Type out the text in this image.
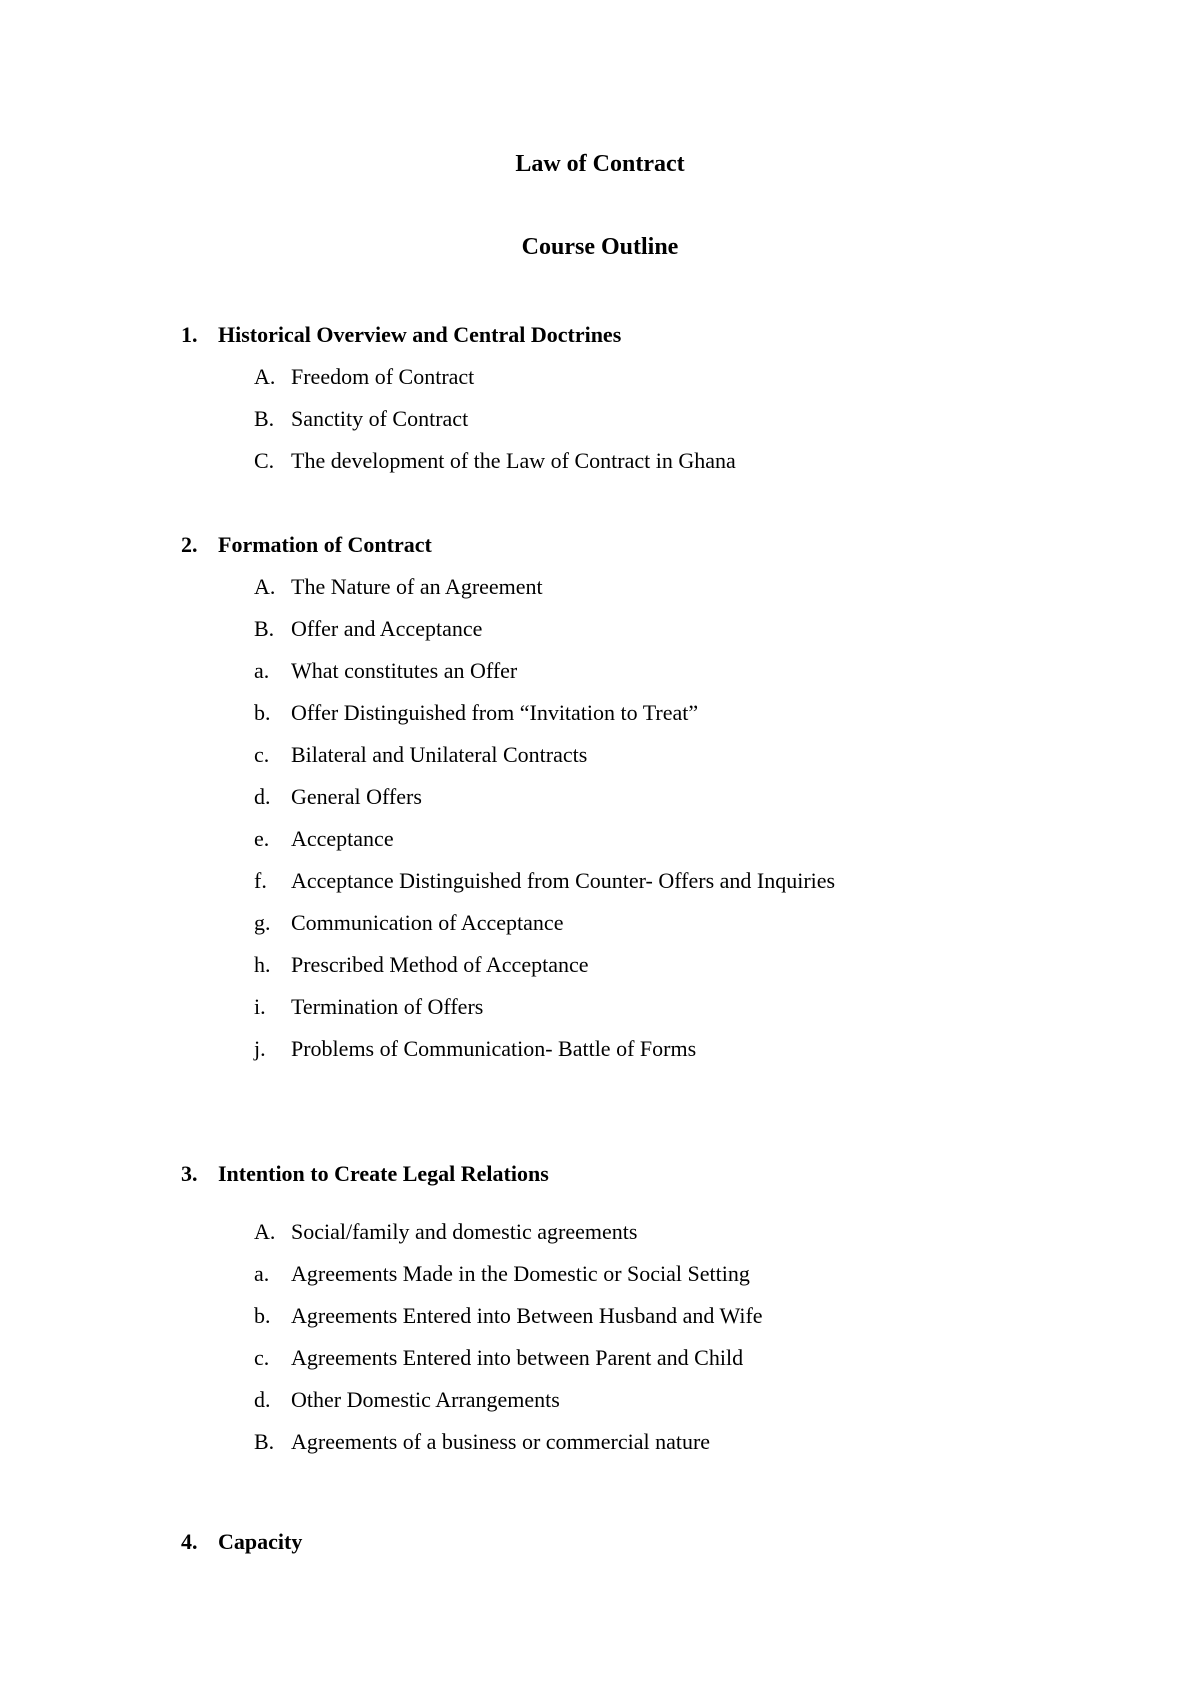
Law of Contract
Course Outline
1. Historical Overview and Central Doctrines
A. Freedom of Contract
B. Sanctity of Contract
C. The development of the Law of Contract in Ghana
2. Formation of Contract
A. The Nature of an Agreement
B. Offer and Acceptance
a. What constitutes an Offer
b. Offer Distinguished from “Invitation to Treat”
c. Bilateral and Unilateral Contracts
d. General Offers
e. Acceptance
f. Acceptance Distinguished from Counter- Offers and Inquiries
g. Communication of Acceptance
h. Prescribed Method of Acceptance
i. Termination of Offers
j. Problems of Communication- Battle of Forms
3. Intention to Create Legal Relations
A. Social/family and domestic agreements
a. Agreements Made in the Domestic or Social Setting
b. Agreements Entered into Between Husband and Wife
c. Agreements Entered into between Parent and Child
d. Other Domestic Arrangements
B. Agreements of a business or commercial nature
4. Capacity
